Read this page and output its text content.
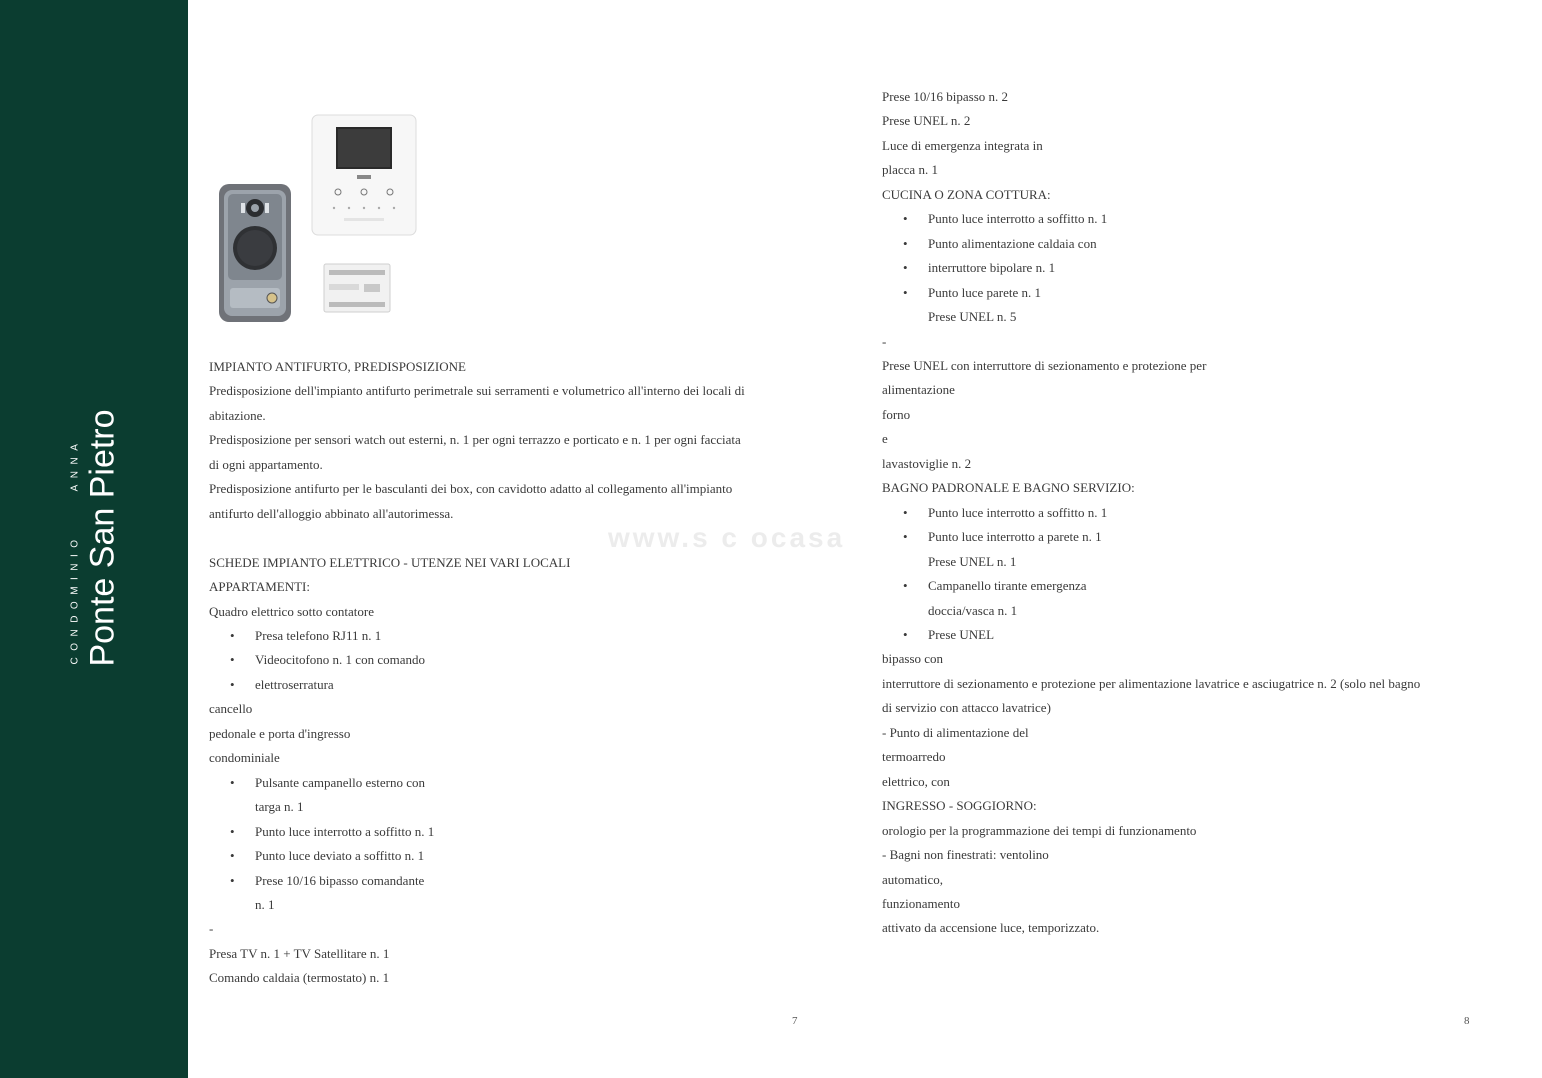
CONDOMINIOANNA Ponte San Pietro	www.s c ocasa

IMPIANTO ANTIFURTO, PREDISPOSIZIONE

Predisposizione dell'impianto antifurto perimetrale sui serramenti e volumetrico all'interno dei locali di

abitazione.

Predisposizione per sensori watch out esterni, n. 1 per ogni terrazzo e porticato e n. 1 per ogni facciata

di ogni appartamento.

Predisposizione antifurto per le basculanti dei box, con cavidotto adatto al collegamento all'impianto

antifurto dell'alloggio abbinato all'autorimessa.

SCHEDE IMPIANTO ELETTRICO - UTENZE NEI VARI LOCALI

APPARTAMENTI:

Quadro elettrico sotto contatore

• Presa telefono RJ11 n. 1
• Videocitofono n. 1 con comando
• elettroserratura

cancello

pedonale e porta d'ingresso

condominiale

• Pulsante campanello esterno con

targa n. 1

• Punto luce interrotto a soffitto n. 1
• Punto luce deviato a soffitto n. 1
• Prese 10/16 bipasso comandante

n. 1

-

Presa TV n. 1 + TV Satellitare n. 1

Comando caldaia (termostato) n. 1

7

Prese 10/16 bipasso n. 2

Prese UNEL n. 2

Luce di emergenza integrata in

placca n. 1

CUCINA O ZONA COTTURA:

• Punto luce interrotto a soffitto n. 1
• Punto alimentazione caldaia con
• interruttore bipolare n. 1
• Punto luce parete n. 1

Prese UNEL n. 5

-

Prese UNEL con interruttore di sezionamento e protezione per

alimentazione

forno

e

lavastoviglie n. 2

BAGNO PADRONALE E BAGNO SERVIZIO:

• Punto luce interrotto a soffitto n. 1
• Punto luce interrotto a parete n. 1

Prese UNEL n. 1

• Campanello tirante emergenza

doccia/vasca n. 1

• Prese UNEL

bipasso con

interruttore di sezionamento e protezione per alimentazione lavatrice e asciugatrice n. 2 (solo nel bagno

di servizio con attacco lavatrice)

- Punto di alimentazione del

termoarredo

elettrico, con

INGRESSO - SOGGIORNO:

orologio per la programmazione dei tempi di funzionamento

- Bagni non finestrati: ventolino

automatico,

funzionamento

attivato da accensione luce, temporizzato.

8
